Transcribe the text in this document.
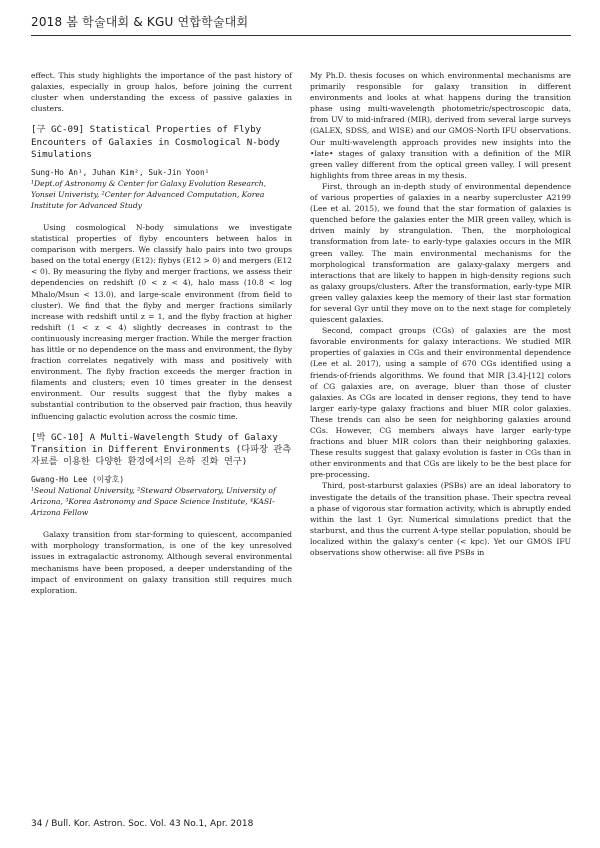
2018 봄 학술대회 & KGU 연합학술대회

effect. This study highlights the importance of the past history of galaxies, especially in group halos, before joining the current cluster when understanding the excess of passive galaxies in clusters.

[구 GC-09] Statistical Properties of Flyby Encounters of Galaxies in Cosmological N-body Simulations
Sung-Ho An¹, Juhan Kim², Suk-Jin Yoon¹
¹Dept.of Astronomy & Center for Galaxy Evolution Research, Yonsei Univeristy, ²Center for Advanced Computation, Korea Institute for Advanced Study

Using cosmological N-body simulations we investigate statistical properties of flyby encounters between halos in comparison with mergers. We classify halo pairs into two groups based on the total energy (E12): flybys (E12 > 0) and mergers (E12 < 0). By measuring the flyby and merger fractions, we assess their dependencies on redshift (0 < z < 4), halo mass (10.8 < log Mhalo/Msun < 13.0), and large-scale environment (from field to cluster). We find that the flyby and merger fractions similarly increase with redshift until z = 1, and the flyby fraction at higher redshift (1 < z < 4) slightly decreases in contrast to the continuously increasing merger fraction. While the merger fraction has little or no dependence on the mass and environment, the flyby fraction correlates negatively with mass and positively with environment. The flyby fraction exceeds the merger fraction in filaments and clusters; even 10 times greater in the densest environment. Our results suggest that the flyby makes a substantial contribution to the observed pair fraction, thus heavily influencing galactic evolution across the cosmic time.

[박 GC-10] A Multi-Wavelength Study of Galaxy Transition in Different Environments (다파장 관측 자료를 이용한 다양한 환경에서의 은하 진화 연구)
Gwang-Ho Lee (이광호)
¹Seoul National University, ²Steward Observatory, University of Arizona, ³Korea Astronomy and Space Science Institute, ⁴KASI-Arizona Fellow

Galaxy transition from star-forming to quiescent, accompanied with morphology transformation, is one of the key unresolved issues in extragalactic astronomy. Although several environmental mechanisms have been proposed, a deeper understanding of the impact of environment on galaxy transition still requires much exploration.

My Ph.D. thesis focuses on which environmental mechanisms are primarily responsible for galaxy transition in different environments and looks at what happens during the transition phase using multi-wavelength photometric/spectroscopic data, from UV to mid-infrared (MIR), derived from several large surveys (GALEX, SDSS, and WISE) and our GMOS-North IFU observations. Our multi-wavelength approach provides new insights into the •late• stages of galaxy transition with a definition of the MIR green valley different from the optical green valley. I will present highlights from three areas in my thesis.

First, through an in-depth study of environmental dependence of various properties of galaxies in a nearby supercluster A2199 (Lee et al. 2015), we found that the star formation of galaxies is quenched before the galaxies enter the MIR green valley, which is driven mainly by strangulation. Then, the morphological transformation from late- to early-type galaxies occurs in the MIR green valley. The main environmental mechanisms for the morphological transformation are galaxy-galaxy mergers and interactions that are likely to happen in high-density regions such as galaxy groups/clusters. After the transformation, early-type MIR green valley galaxies keep the memory of their last star formation for several Gyr until they move on to the next stage for completely quiescent galaxies.

Second, compact groups (CGs) of galaxies are the most favorable environments for galaxy interactions. We studied MIR properties of galaxies in CGs and their environmental dependence (Lee et al. 2017), using a sample of 670 CGs identified using a friends-of-friends algorithms. We found that MIR [3.4]-[12] colors of CG galaxies are, on average, bluer than those of cluster galaxies. As CGs are located in denser regions, they tend to have larger early-type galaxy fractions and bluer MIR color galaxies. These trends can also be seen for neighboring galaxies around CGs. However, CG members always have larger early-type fractions and bluer MIR colors than their neighboring galaxies. These results suggest that galaxy evolution is faster in CGs than in other environments and that CGs are likely to be the best place for pre-processing.

Third, post-starburst galaxies (PSBs) are an ideal laboratory to investigate the details of the transition phase. Their spectra reveal a phase of vigorous star formation activity, which is abruptly ended within the last 1 Gyr. Numerical simulations predict that the starburst, and thus the current A-type stellar population, should be localized within the galaxy's center (< kpc). Yet our GMOS IFU observations show otherwise: all five PSBs in

34 / Bull. Kor. Astron. Soc. Vol. 43 No.1, Apr. 2018
